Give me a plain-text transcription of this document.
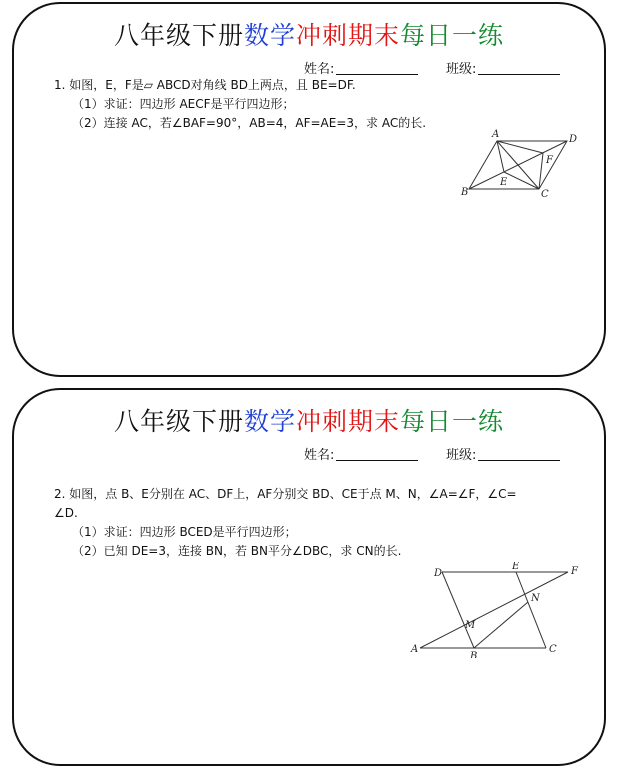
八年级下册数学冲刺期末每日一练
姓名:	班级:

1. 如图，E，F是▱ ABCD对角线 BD上两点，且 BE=DF.

（1）求证：四边形 AECF是平行四边形；

（2）连接 AC，若∠BAF=90°，AB=4，AF=AE=3，求 AC的长.

A	D
B	C
E
F
八年级下册数学冲刺期末每日一练
姓名:	班级:

2. 如图，点 B、E分别在 AC、DF上，AF分别交 BD、CE于点 M、N，∠A=∠F，∠C=

∠D.

（1）求证：四边形 BCED是平行四边形；

（2）已知 DE=3，连接 BN，若 BN平分∠DBC，求 CN的长.

D
E	F
A
B
C
M
N
